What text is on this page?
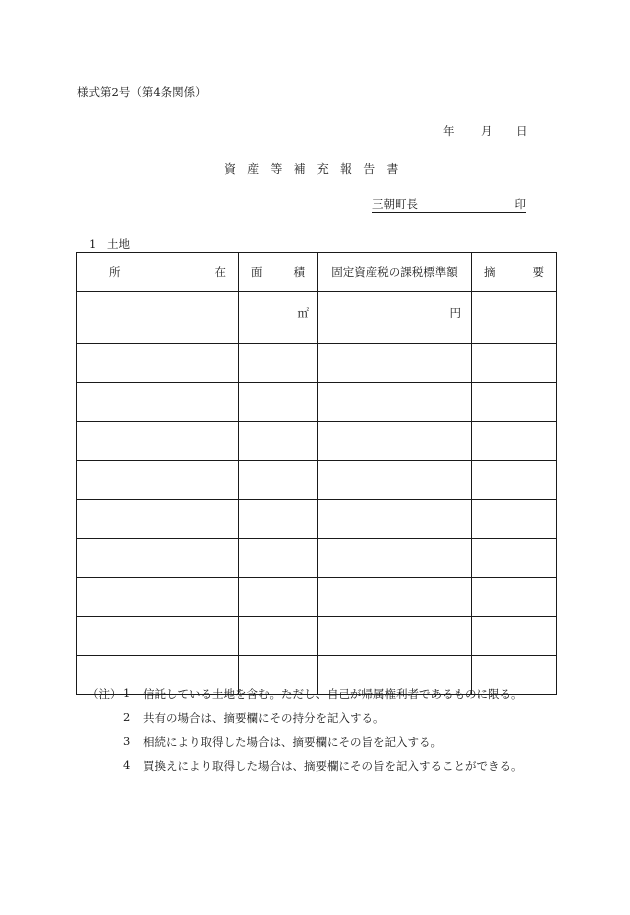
様式第2号（第4条関係）
年 月 日
資産等補充報告書
三朝町長	印
1 土地
所 在	面 積	固定資産税の課税標準額	摘 要

	㎡	円	

（注） 1 信託している土地を含む。ただし、自己が帰属権利者であるものに限る。
2 共有の場合は、摘要欄にその持分を記入する。
3 相続により取得した場合は、摘要欄にその旨を記入する。
4 買換えにより取得した場合は、摘要欄にその旨を記入することができる。
